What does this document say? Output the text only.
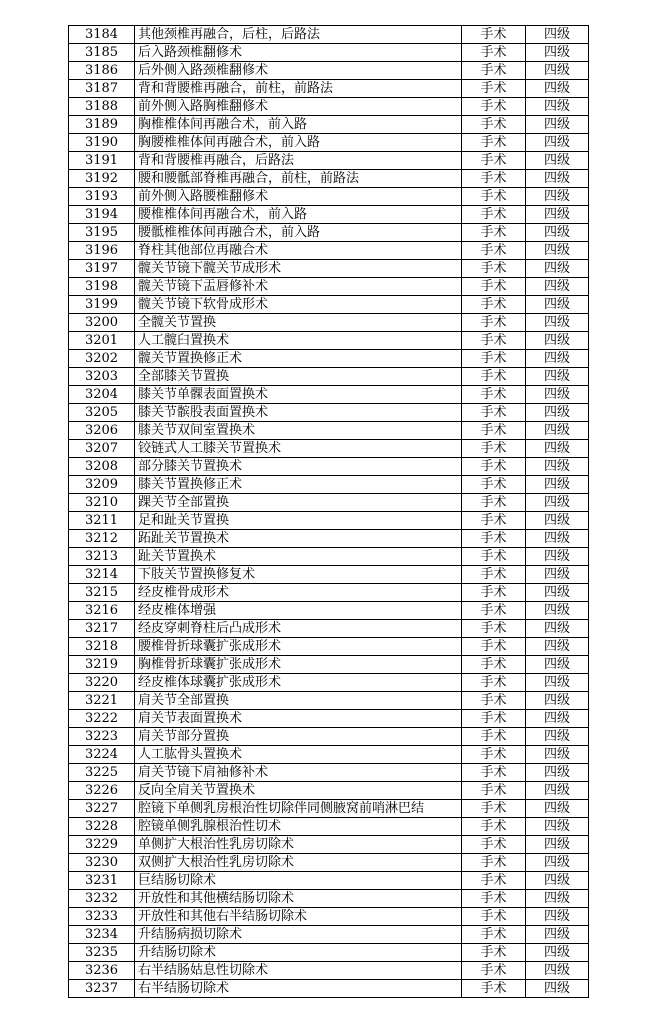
3184	其他颈椎再融合，后柱，后路法	手术	四级
3185	后入路颈椎翻修术	手术	四级
3186	后外侧入路颈椎翻修术	手术	四级
3187	背和背腰椎再融合，前柱，前路法	手术	四级
3188	前外侧入路胸椎翻修术	手术	四级
3189	胸椎椎体间再融合术，前入路	手术	四级
3190	胸腰椎椎体间再融合术，前入路	手术	四级
3191	背和背腰椎再融合，后路法	手术	四级
3192	腰和腰骶部脊椎再融合，前柱，前路法	手术	四级
3193	前外侧入路腰椎翻修术	手术	四级
3194	腰椎椎体间再融合术，前入路	手术	四级
3195	腰骶椎椎体间再融合术，前入路	手术	四级
3196	脊柱其他部位再融合术	手术	四级
3197	髋关节镜下髋关节成形术	手术	四级
3198	髋关节镜下盂唇修补术	手术	四级
3199	髋关节镜下软骨成形术	手术	四级
3200	全髋关节置换	手术	四级
3201	人工髋臼置换术	手术	四级
3202	髋关节置换修正术	手术	四级
3203	全部膝关节置换	手术	四级
3204	膝关节单髁表面置换术	手术	四级
3205	膝关节髌股表面置换术	手术	四级
3206	膝关节双间室置换术	手术	四级
3207	铰链式人工膝关节置换术	手术	四级
3208	部分膝关节置换术	手术	四级
3209	膝关节置换修正术	手术	四级
3210	踝关节全部置换	手术	四级
3211	足和趾关节置换	手术	四级
3212	跖趾关节置换术	手术	四级
3213	趾关节置换术	手术	四级
3214	下肢关节置换修复术	手术	四级
3215	经皮椎骨成形术	手术	四级
3216	经皮椎体增强	手术	四级
3217	经皮穿刺脊柱后凸成形术	手术	四级
3218	腰椎骨折球囊扩张成形术	手术	四级
3219	胸椎骨折球囊扩张成形术	手术	四级
3220	经皮椎体球囊扩张成形术	手术	四级
3221	肩关节全部置换	手术	四级
3222	肩关节表面置换术	手术	四级
3223	肩关节部分置换	手术	四级
3224	人工肱骨头置换术	手术	四级
3225	肩关节镜下肩袖修补术	手术	四级
3226	反向全肩关节置换术	手术	四级
3227	腔镜下单侧乳房根治性切除伴同侧腋窝前哨淋巴结	手术	四级
3228	腔镜单侧乳腺根治性切术	手术	四级
3229	单侧扩大根治性乳房切除术	手术	四级
3230	双侧扩大根治性乳房切除术	手术	四级
3231	巨结肠切除术	手术	四级
3232	开放性和其他横结肠切除术	手术	四级
3233	开放性和其他右半结肠切除术	手术	四级
3234	升结肠病损切除术	手术	四级
3235	升结肠切除术	手术	四级
3236	右半结肠姑息性切除术	手术	四级
3237	右半结肠切除术	手术	四级
